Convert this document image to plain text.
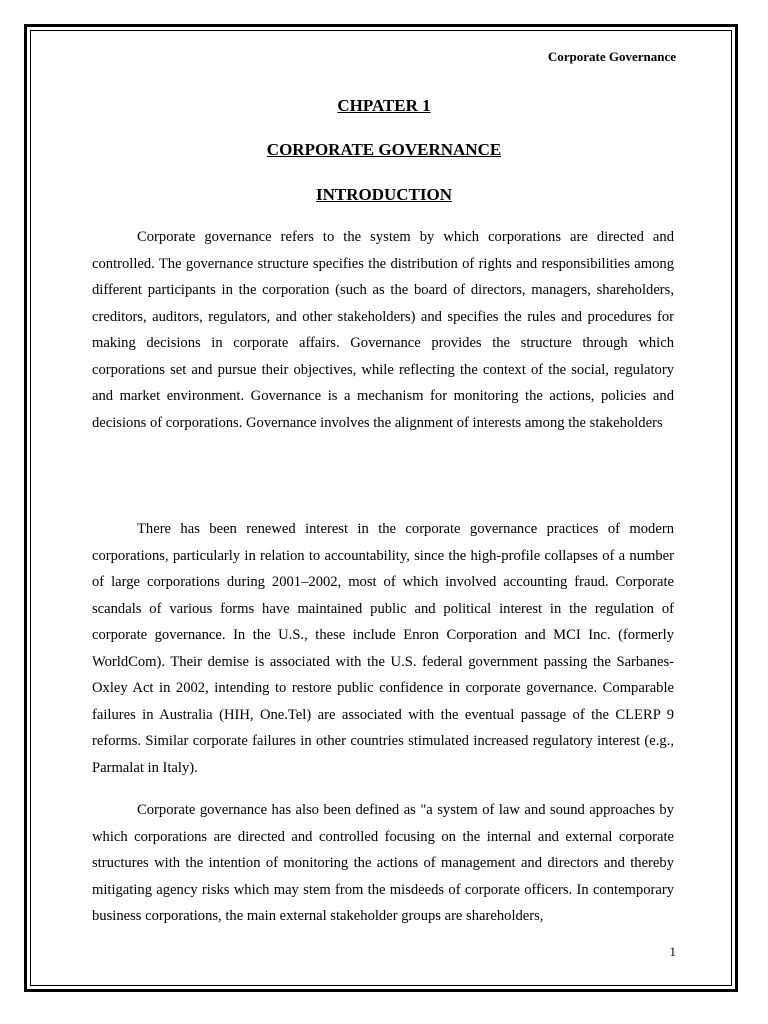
Corporate Governance
CHPATER 1
CORPORATE GOVERNANCE
INTRODUCTION

Corporate governance refers to the system by which corporations are directed and controlled. The governance structure specifies the distribution of rights and responsibilities among different participants in the corporation (such as the board of directors, managers, shareholders, creditors, auditors, regulators, and other stakeholders) and specifies the rules and procedures for making decisions in corporate affairs. Governance provides the structure through which corporations set and pursue their objectives, while reflecting the context of the social, regulatory and market environment. Governance is a mechanism for monitoring the actions, policies and decisions of corporations. Governance involves the alignment of interests among the stakeholders

There has been renewed interest in the corporate governance practices of modern corporations, particularly in relation to accountability, since the high-profile collapses of a number of large corporations during 2001–2002, most of which involved accounting fraud. Corporate scandals of various forms have maintained public and political interest in the regulation of corporate governance. In the U.S., these include Enron Corporation and MCI Inc. (formerly WorldCom). Their demise is associated with the U.S. federal government passing the Sarbanes-Oxley Act in 2002, intending to restore public confidence in corporate governance. Comparable failures in Australia (HIH, One.Tel) are associated with the eventual passage of the CLERP 9 reforms. Similar corporate failures in other countries stimulated increased regulatory interest (e.g., Parmalat in Italy).

Corporate governance has also been defined as "a system of law and sound approaches by which corporations are directed and controlled focusing on the internal and external corporate structures with the intention of monitoring the actions of management and directors and thereby mitigating agency risks which may stem from the misdeeds of corporate officers. In contemporary business corporations, the main external stakeholder groups are shareholders,

1
